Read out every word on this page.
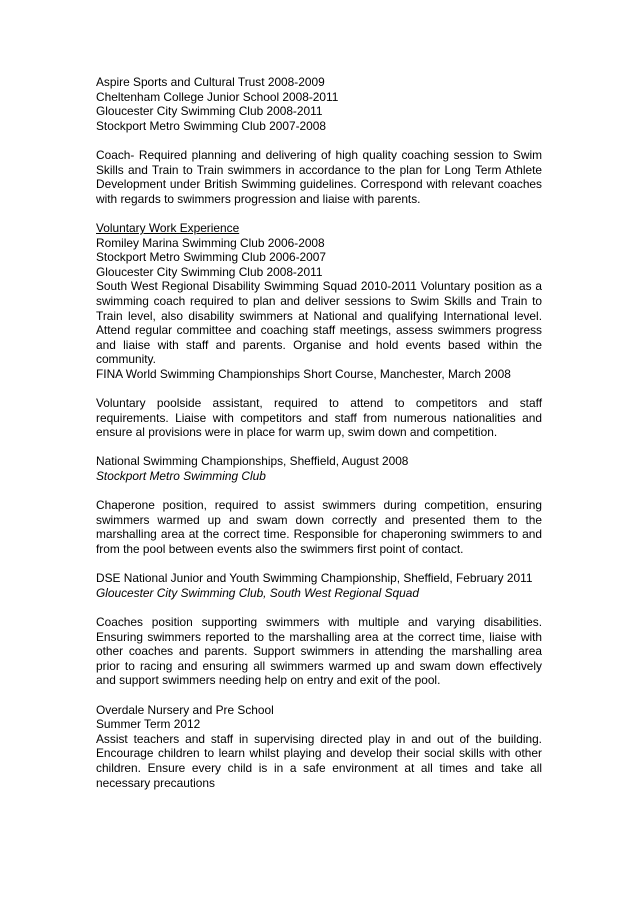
Aspire Sports and Cultural Trust 2008-2009
Cheltenham College Junior School 2008-2011
Gloucester City Swimming Club 2008-2011
Stockport Metro Swimming Club 2007-2008
Coach- Required planning and delivering of high quality coaching session to Swim Skills and Train to Train swimmers in accordance to the plan for Long Term Athlete Development under British Swimming guidelines. Correspond with relevant coaches with regards to swimmers progression and liaise with parents.
Voluntary Work Experience
Romiley Marina Swimming Club 2006-2008
Stockport Metro Swimming Club 2006-2007
Gloucester City Swimming Club 2008-2011
South West Regional Disability Swimming Squad 2010-2011 Voluntary position as a swimming coach required to plan and deliver sessions to Swim Skills and Train to Train level, also disability swimmers at National and qualifying International level. Attend regular committee and coaching staff meetings, assess swimmers progress and liaise with staff and parents. Organise and hold events based within the community.
FINA World Swimming Championships Short Course, Manchester, March 2008
Voluntary poolside assistant, required to attend to competitors and staff requirements. Liaise with competitors and staff from numerous nationalities and ensure al provisions were in place for warm up, swim down and competition.
National Swimming Championships, Sheffield, August 2008
Stockport Metro Swimming Club
Chaperone position, required to assist swimmers during competition, ensuring swimmers warmed up and swam down correctly and presented them to the marshalling area at the correct time. Responsible for chaperoning swimmers to and from the pool between events also the swimmers first point of contact.
DSE National Junior and Youth Swimming Championship, Sheffield, February 2011
Gloucester City Swimming Club, South West Regional Squad
Coaches position supporting swimmers with multiple and varying disabilities. Ensuring swimmers reported to the marshalling area at the correct time, liaise with other coaches and parents. Support swimmers in attending the marshalling area prior to racing and ensuring all swimmers warmed up and swam down effectively and support swimmers needing help on entry and exit of the pool.
Overdale Nursery and Pre School
Summer Term 2012
Assist teachers and staff in supervising directed play in and out of the building. Encourage children to learn whilst playing and develop their social skills with other children. Ensure every child is in a safe environment at all times and take all necessary precautions
